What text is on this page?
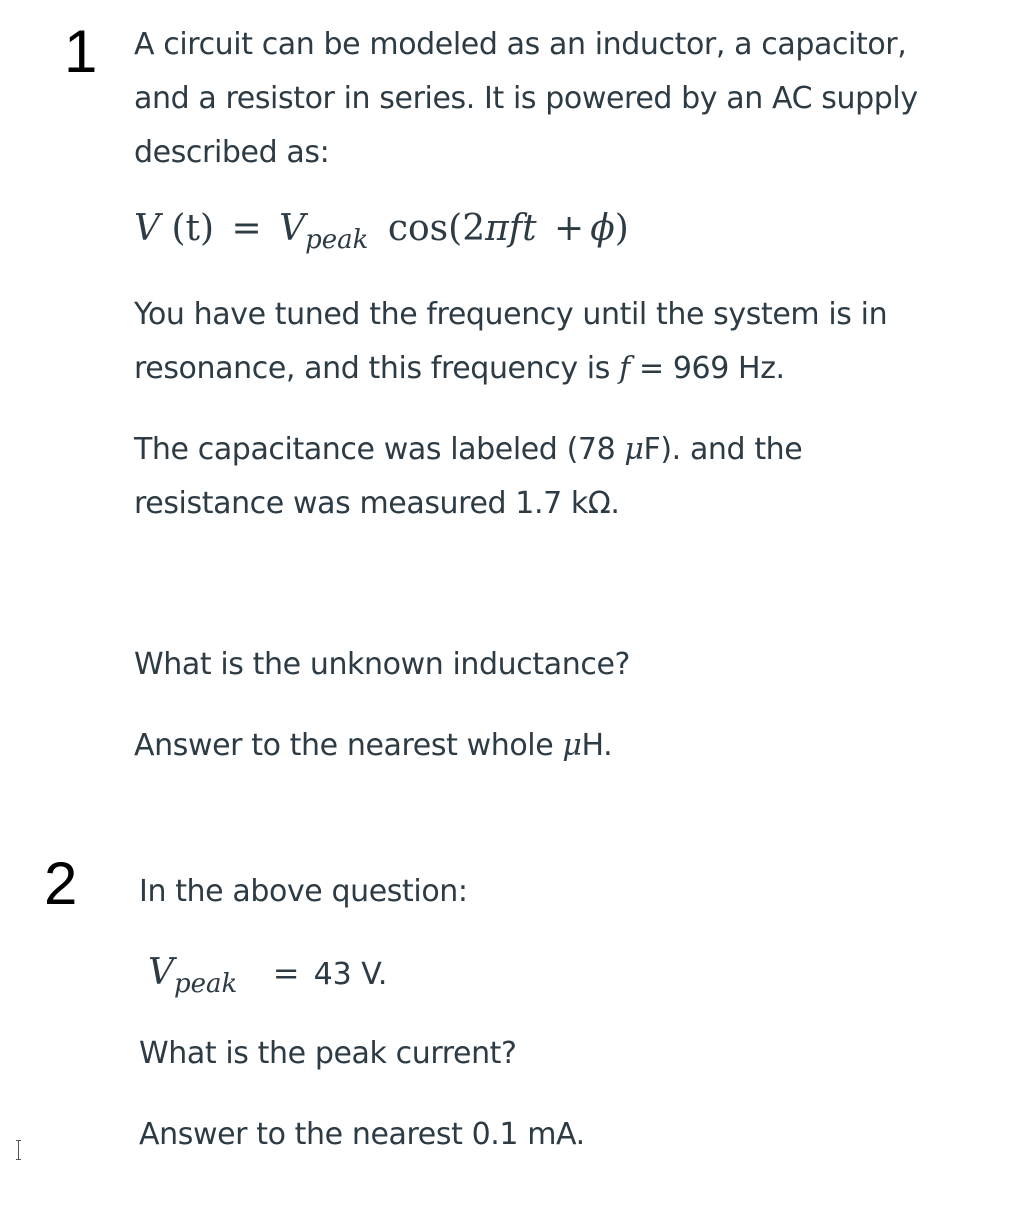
1 A circuit can be modeled as an inductor, a capacitor,
and a resistor in series. It is powered by an AC supply
described as:
V $(t) = V_{peak}$ cos(2πft + ϕ)
You have tuned the frequency until the system is in
resonance, and this frequency is f = 969 Hz.
The capacitance was labeled (78 μF). and the
resistance was measured 1.7 kΩ.
What is the unknown inductance?
Answer to the nearest whole μH.
2 In the above question:
$V_{peak} = 43$ V.
What is the peak current?
Answer to the nearest 0.1 mA.
